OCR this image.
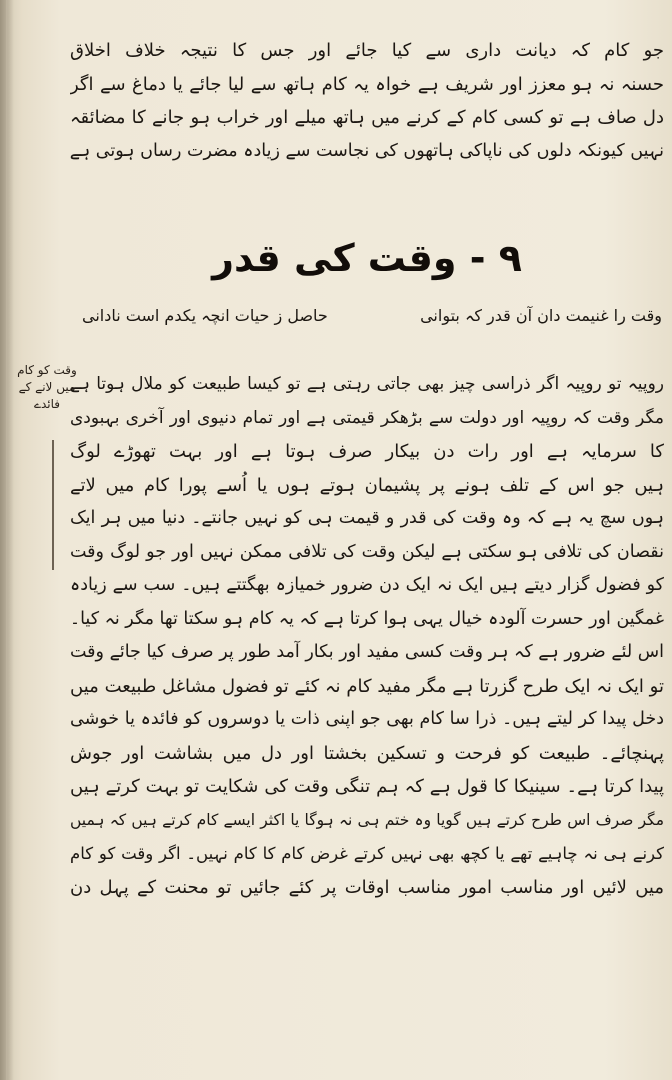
جو کام کہ دیانت داری سے کیا جائے اور جس کا نتیجہ خلاف اخلاق
حسنہ نہ ہو معزز اور شریف ہے خواہ یہ کام ہاتھ سے لیا جائے یا دماغ سے اگر
دل صاف ہے تو کسی کام کے کرنے میں ہاتھ میلے اور خراب ہو جانے کا مضائقہ
نہیں کیونکہ دلوں کی ناپاکی ہاتھوں کی نجاست سے زیادہ مضرت رساں ہوتی ہے
۹ - وقت کی قدر
وقت را غنیمت دان آن قدر کہ بتوانی
حاصل ز حیات انچہ یکدم است نادانی
وقت کو کام میں لانے کے فائدے
روپیہ تو روپیہ اگر ذراسی چیز بھی جاتی رہتی ہے تو کیسا طبیعت کو ملال ہوتا ہے
مگر وقت کہ روپیہ اور دولت سے بڑھکر قیمتی ہے اور تمام دنیوی اور آخری بہبودی
کا سرمایہ ہے اور رات دن بیکار صرف ہوتا ہے اور بہت تھوڑے لوگ
ہیں جو اس کے تلف ہونے پر پشیمان ہوتے ہوں یا اُسے پورا کام میں لاتے
ہوں سچ یہ ہے کہ وہ وقت کی قدر و قیمت ہی کو نہیں جانتے۔ دنیا میں ہر ایک
نقصان کی تلافی ہو سکتی ہے لیکن وقت کی تلافی ممکن نہیں اور جو لوگ وقت
کو فضول گزار دیتے ہیں ایک نہ ایک دن ضرور خمیازہ بھگتتے ہیں۔ سب سے زیادہ
غمگین اور حسرت آلودہ خیال یہی ہوا کرتا ہے کہ یہ کام ہو سکتا تھا مگر نہ کیا۔
اس لئے ضرور ہے کہ ہر وقت کسی مفید اور بکار آمد طور پر صرف کیا جائے وقت
تو ایک نہ ایک طرح گزرتا ہے مگر مفید کام نہ کئے تو فضول مشاغل طبیعت میں
دخل پیدا کر لیتے ہیں۔ ذرا سا کام بھی جو اپنی ذات یا دوسروں کو فائدہ یا خوشی
پہنچائے۔ طبیعت کو فرحت و تسکین بخشتا اور دل میں بشاشت اور جوش
پیدا کرتا ہے۔ سینیکا کا قول ہے کہ ہم تنگی وقت کی شکایت تو بہت کرتے ہیں
مگر صرف اس طرح کرتے ہیں گویا وہ ختم ہی نہ ہوگا یا اکثر ایسے کام کرتے ہیں کہ ہمیں
کرنے ہی نہ چاہیے تھے یا کچھ بھی نہیں کرتے غرض کام کا کام نہیں۔ اگر وقت کو کام
میں لائیں اور مناسب امور مناسب اوقات پر کئے جائیں تو محنت کے پہل دن
